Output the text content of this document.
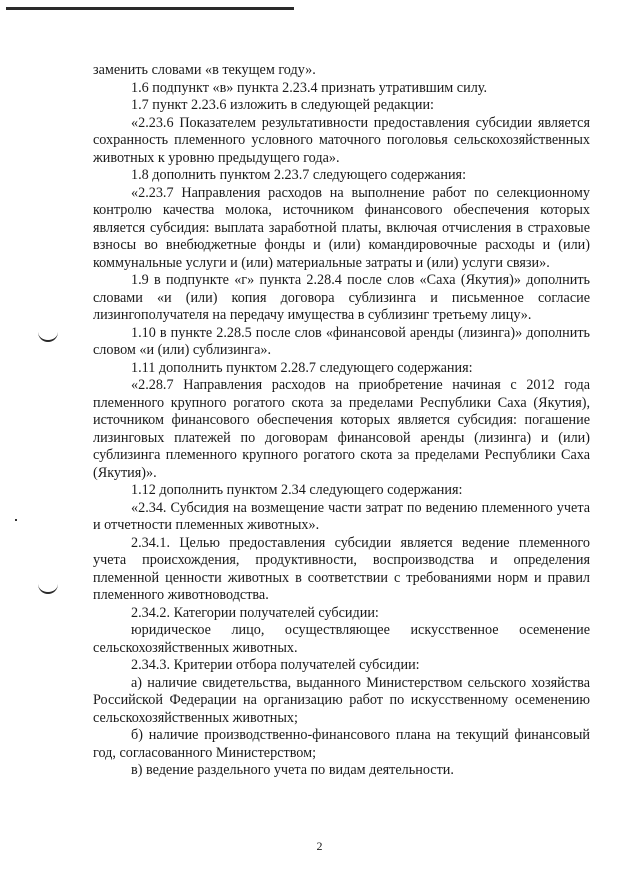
заменить словами «в текущем году».

1.6 подпункт «в» пункта 2.23.4 признать утратившим силу.

1.7 пункт 2.23.6 изложить в следующей редакции:

«2.23.6 Показателем результативности предоставления субсидии является сохранность племенного условного маточного поголовья сельскохозяйственных животных к уровню предыдущего года».

1.8 дополнить пунктом 2.23.7 следующего содержания:

«2.23.7 Направления расходов на выполнение работ по селекционному контролю качества молока, источником финансового обеспечения которых является субсидия: выплата заработной платы, включая отчисления в страховые взносы во внебюджетные фонды и (или) командировочные расходы и (или) коммунальные услуги и (или) материальные затраты и (или) услуги связи».

1.9 в подпункте «г» пункта 2.28.4 после слов «Саха (Якутия)» дополнить словами «и (или) копия договора сублизинга и письменное согласие лизингополучателя на передачу имущества в сублизинг третьему лицу».

1.10 в пункте 2.28.5 после слов «финансовой аренды (лизинга)» дополнить словом «и (или) сублизинга».

1.11 дополнить пунктом 2.28.7 следующего содержания:

«2.28.7 Направления расходов на приобретение начиная с 2012 года племенного крупного рогатого скота за пределами Республики Саха (Якутия), источником финансового обеспечения которых является субсидия: погашение лизинговых платежей по договорам финансовой аренды (лизинга) и (или) сублизинга племенного крупного рогатого скота за пределами Республики Саха (Якутия)».

1.12 дополнить пунктом 2.34 следующего содержания:

«2.34. Субсидия на возмещение части затрат по ведению племенного учета и отчетности племенных животных».

2.34.1. Целью предоставления субсидии является ведение племенного учета происхождения, продуктивности, воспроизводства и определения племенной ценности животных в соответствии с требованиями норм и правил племенного животноводства.

2.34.2. Категории получателей субсидии:

юридическое лицо, осуществляющее искусственное осеменение сельскохозяйственных животных.

2.34.3. Критерии отбора получателей субсидии:

а) наличие свидетельства, выданного Министерством сельского хозяйства Российской Федерации на организацию работ по искусственному осеменению сельскохозяйственных животных;

б) наличие производственно-финансового плана на текущий финансовый год, согласованного Министерством;

в) ведение раздельного учета по видам деятельности.

2
